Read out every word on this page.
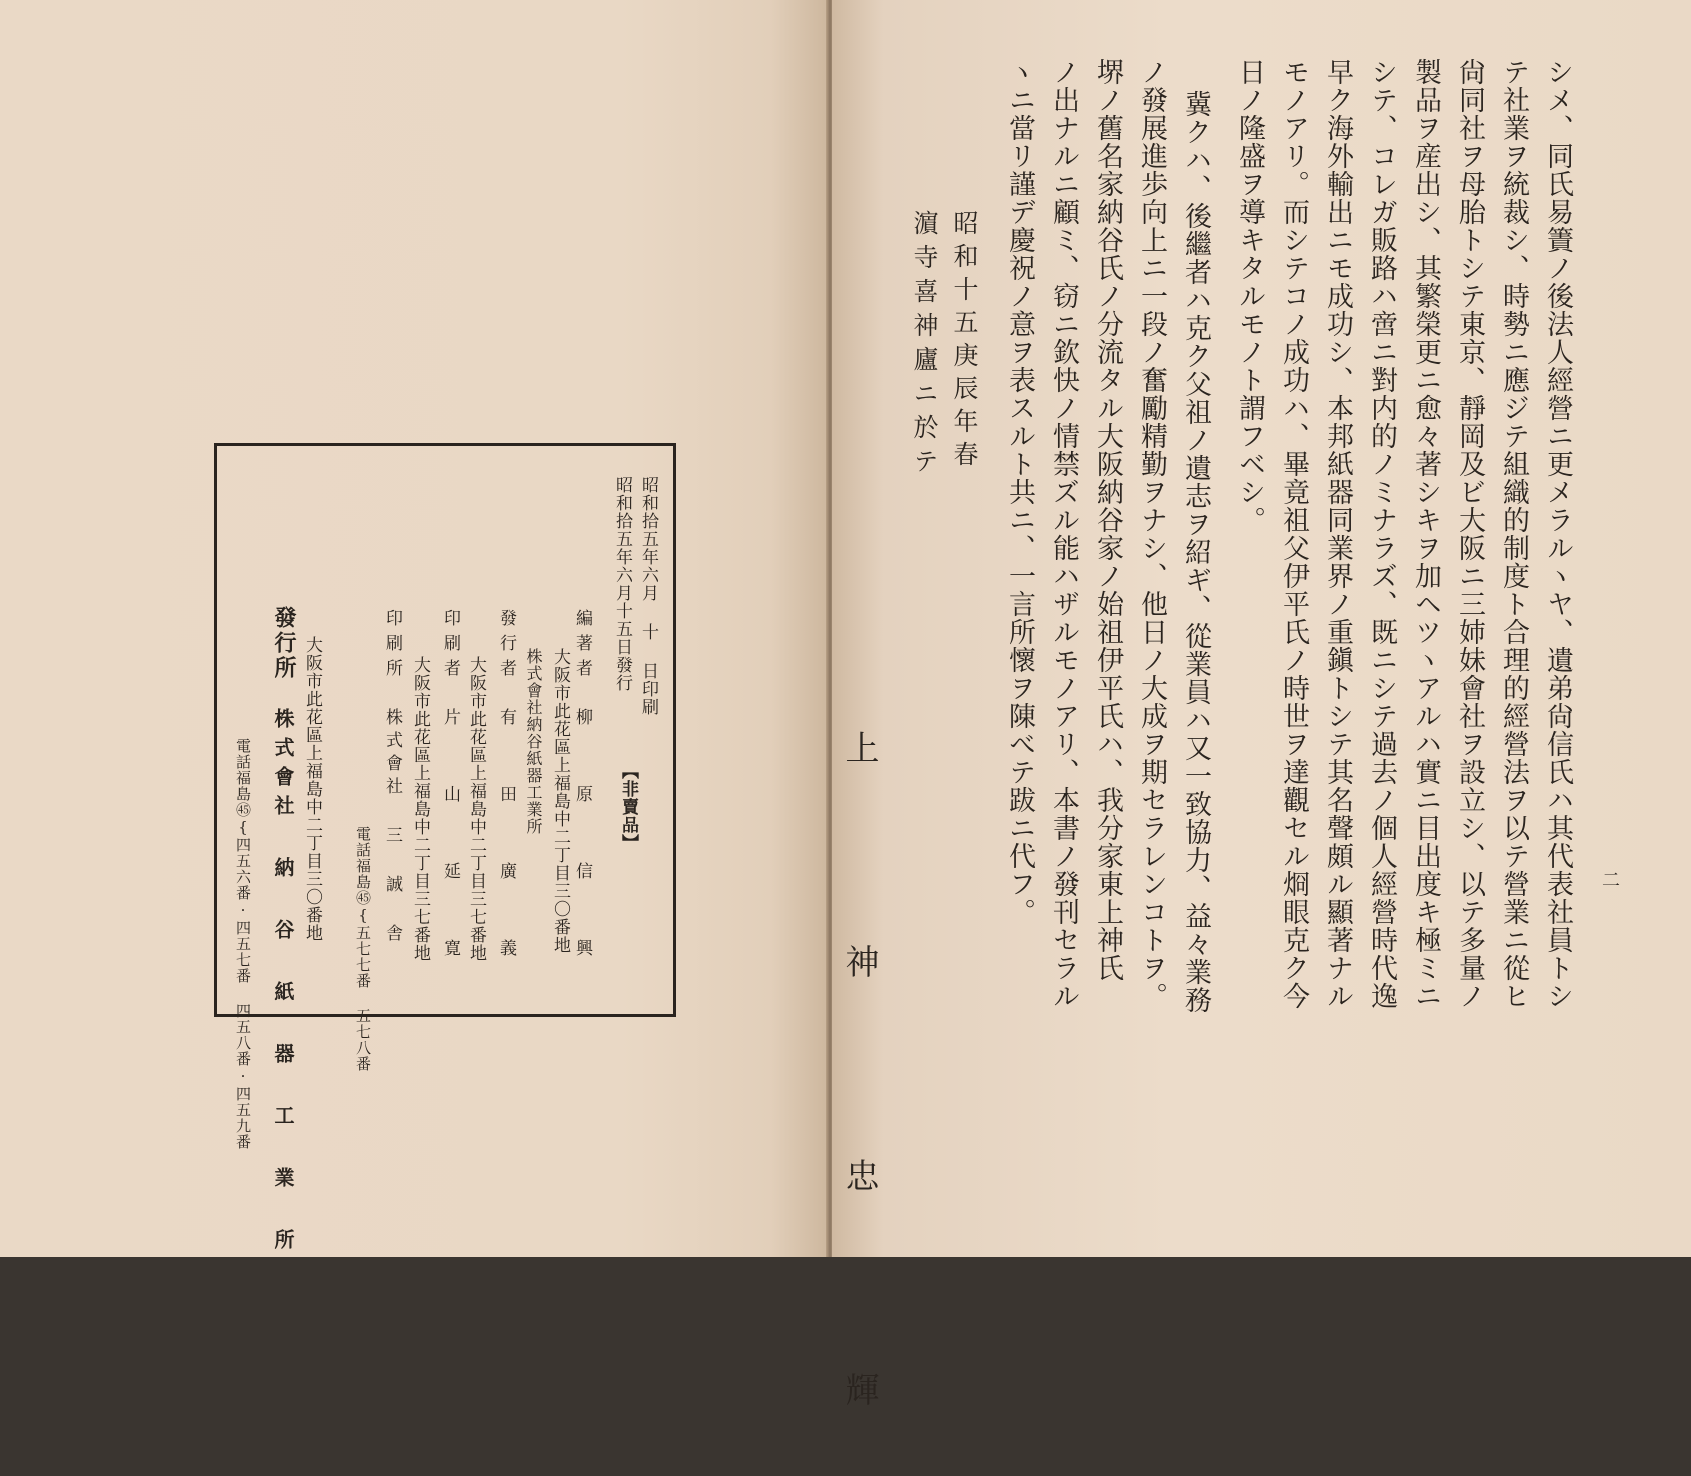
【非賣品】
昭和拾五年六月 十 日印刷
昭和拾五年六月十五日發行
編著者
大阪市此花區上福島中二丁目三〇番地
株式會社納谷紙器工業所 柳 原 信 興
發行者
有 田 廣 義
大阪市此花區上福島中二丁目三七番地
印刷者
片 山 延 寛
大阪市此花區上福島中二丁目三七番地
印刷所
株式會社 三 誠 舎
電話福島㊺{五七七番 五七八番
大阪市此花區上福島中二丁目三〇番地
發行所
株式會社 納 谷 紙 器 工 業 所
電話福島㊺{四五六番·四五七番 四五八番·四五九番	二
シメ、同氏易簀ノ後法人經營ニ更メラルヽヤ、遺弟尙信氏ハ其代表社員トシ
テ社業ヲ統裁シ、時勢ニ應ジテ組織的制度ト合理的經營法ヲ以テ營業ニ從ヒ
尙同社ヲ母胎トシテ東京、靜岡及ビ大阪ニ三姉妹會社ヲ設立シ、以テ多量ノ
製品ヲ産出シ、其繁榮更ニ愈々著シキヲ加ヘツヽアルハ實ニ目出度キ極ミニ
シテ、コレガ販路ハ啻ニ對内的ノミナラズ、既ニシテ過去ノ個人經營時代逸
早ク海外輸出ニモ成功シ、本邦紙器同業界ノ重鎭トシテ其名聲頗ル顯著ナル
モノアリ。而シテコノ成功ハ、畢竟祖父伊平氏ノ時世ヲ達觀セル烱眼克ク今
日ノ隆盛ヲ導キタルモノト謂フベシ。
冀クハ、後繼者ハ克ク父祖ノ遺志ヲ紹ギ、從業員ハ又一致協力、益々業務
ノ發展進歩向上ニ一段ノ奮勵精勤ヲナシ、他日ノ大成ヲ期セラレンコトヲ。
堺ノ舊名家納谷氏ノ分流タル大阪納谷家ノ始祖伊平氏ハ、我分家東上神氏
ノ出ナルニ顧ミ、窃ニ欽快ノ情禁ズル能ハザルモノアリ、本書ノ發刊セラル
ヽニ當リ謹デ慶祝ノ意ヲ表スルト共ニ、一言所懷ヲ陳べテ跋ニ代フ。
昭和十五庚辰年春
濵寺喜神廬ニ於テ
上 神 忠 輝
